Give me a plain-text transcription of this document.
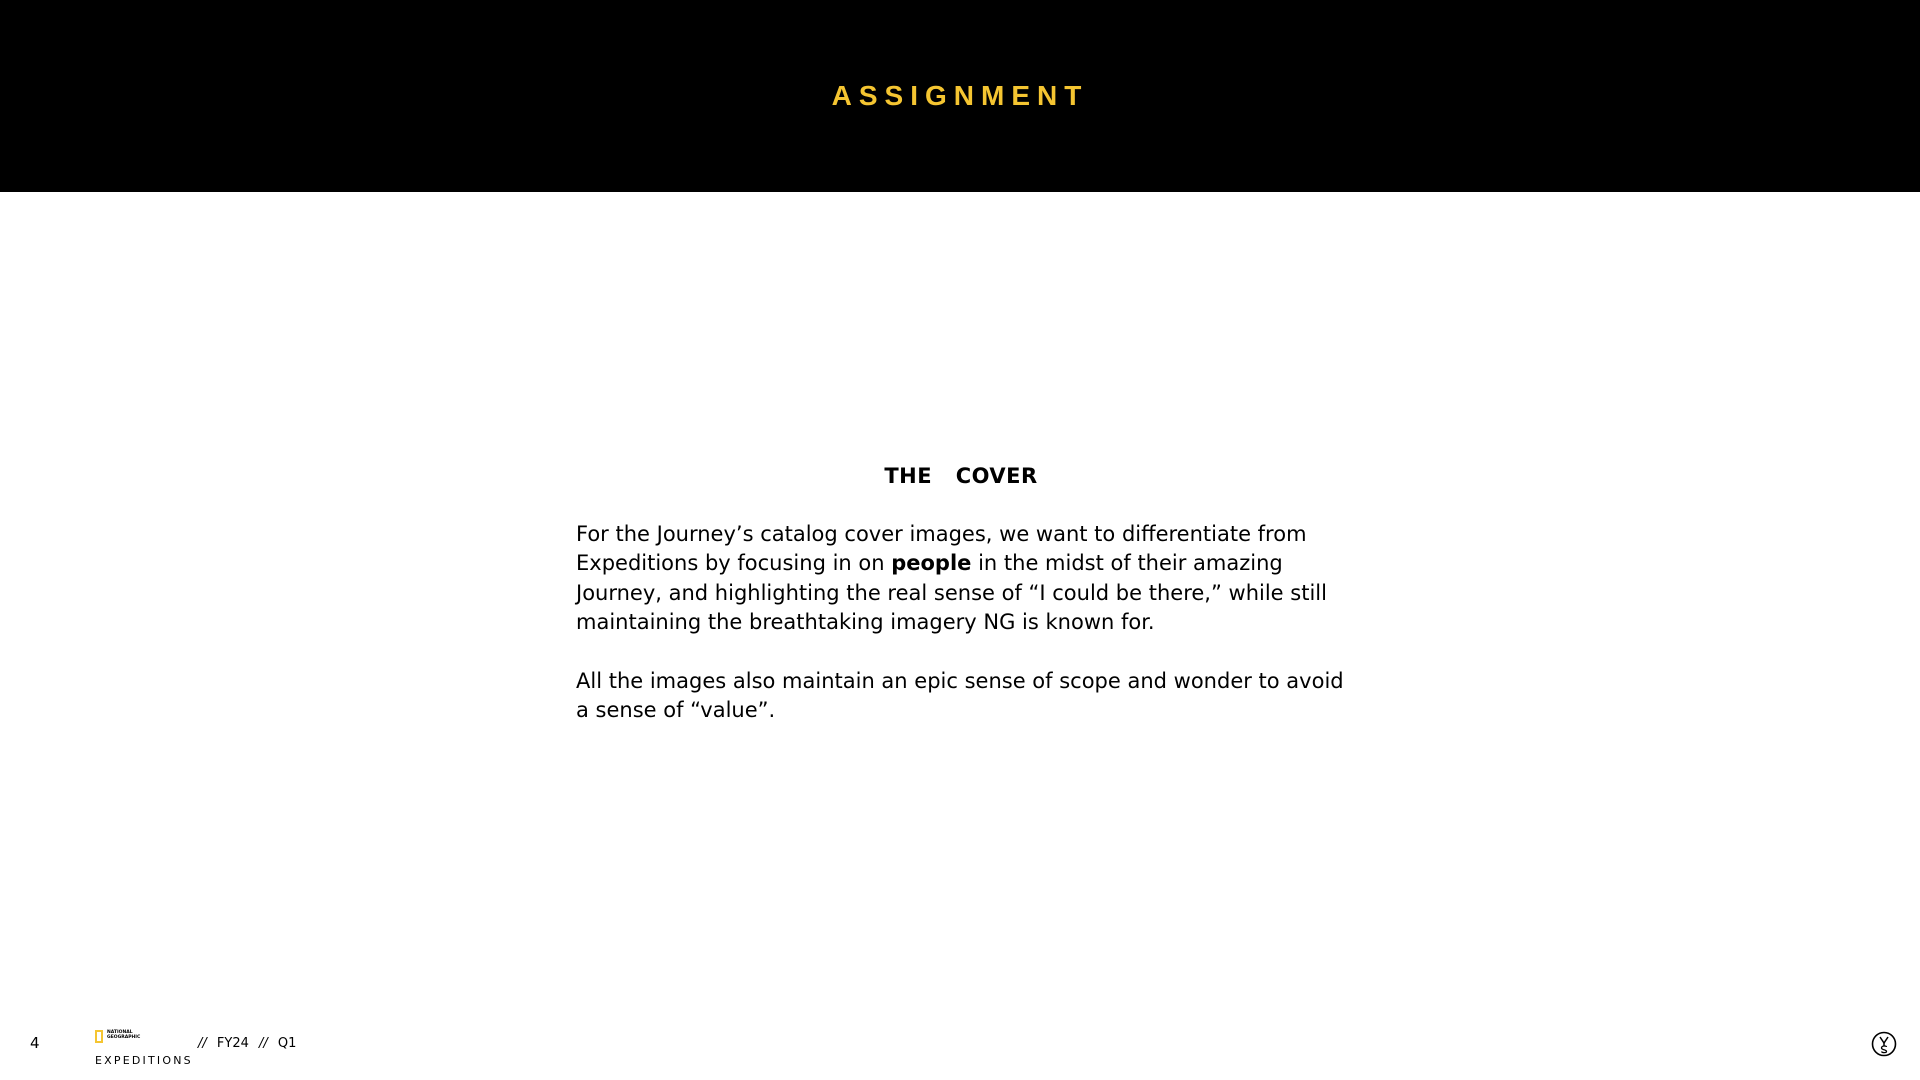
ASSIGNMENT
THE  COVER

For the Journey’s catalog cover images, we want to differentiate from Expeditions by focusing in on people in the midst of their amazing Journey, and highlighting the real sense of “I could be there,” while still maintaining the breathtaking imagery NG is known for.

All the images also maintain an epic sense of scope and wonder to avoid a sense of “value”.

4
NATIONAL
GEOGRAPHIC
EXPEDITIONS
// FY24 // Q1
